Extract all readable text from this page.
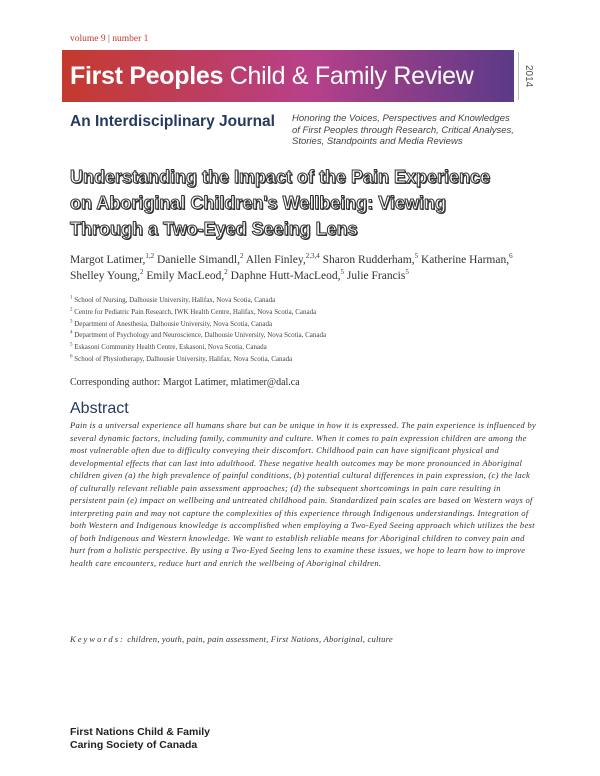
volume 9 | number 1
First Peoples Child & Family Review	2014
An Interdisciplinary Journal Honoring the Voices, Perspectives and Knowledges
of First Peoples through Research, Critical Analyses,
Stories, Standpoints and Media Reviews
Understanding the Impact of the Pain Experience
on Aboriginal Children's Wellbeing: Viewing
Through a Two-Eyed Seeing Lens
Margot Latimer,$^{1,2}$ Danielle Simandl,$^2$ Allen Finley,$^{2,3,4}$ Sharon Rudderham,$^5$ Katherine Harman,$^6$ Shelley Young,$^2$ Emily MacLeod,$^2$ Daphne Hutt-MacLeod,$^5$ Julie Francis$^5$
$^1$ School of Nursing, Dalhousie University, Halifax, Nova Scotia, Canada
$^2$ Centre for Pediatric Pain Research, IWK Health Centre, Halifax, Nova Scotia, Canada
$^3$ Department of Anesthesia, Dalhousie University, Nova Scotia, Canada
$^4$ Department of Psychology and Neuroscience, Dalhousie University, Nova Scotia, Canada
$^5$ Eskasoni Community Health Centre, Eskasoni, Nova Scotia, Canada
$^6$ School of Physiotherapy, Dalhousie University, Halifax, Nova Scotia, Canada
Corresponding author: Margot Latimer, mlatimer@dal.ca
Abstract
Pain is a universal experience all humans share but can be unique in how it is expressed. The pain experience is influenced by several dynamic factors, including family, community and culture. When it comes to pain expression children are among the most vulnerable often due to difficulty conveying their discomfort. Childhood pain can have significant physical and developmental effects that can last into adulthood. These negative health outcomes may be more pronounced in Aboriginal children given (a) the high prevalence of painful conditions, (b) potential cultural differences in pain expression, (c) the lack of culturally relevant reliable pain assessment approaches; (d) the subsequent shortcomings in pain care resulting in persistent pain (e) impact on wellbeing and untreated childhood pain. Standardized pain scales are based on Western ways of interpreting pain and may not capture the complexities of this experience through Indigenous understandings. Integration of both Western and Indigenous knowledge is accomplished when employing a Two-Eyed Seeing approach which utilizes the best of both Indigenous and Western knowledge. We want to establish reliable means for Aboriginal children to convey pain and hurt from a holistic perspective. By using a Two-Eyed Seeing lens to examine these issues, we hope to learn how to improve health care encounters, reduce hurt and enrich the wellbeing of Aboriginal children.
Keywords: children, youth, pain, pain assessment, First Nations, Aboriginal, culture
First Nations Child & Family
Caring Society of Canada
